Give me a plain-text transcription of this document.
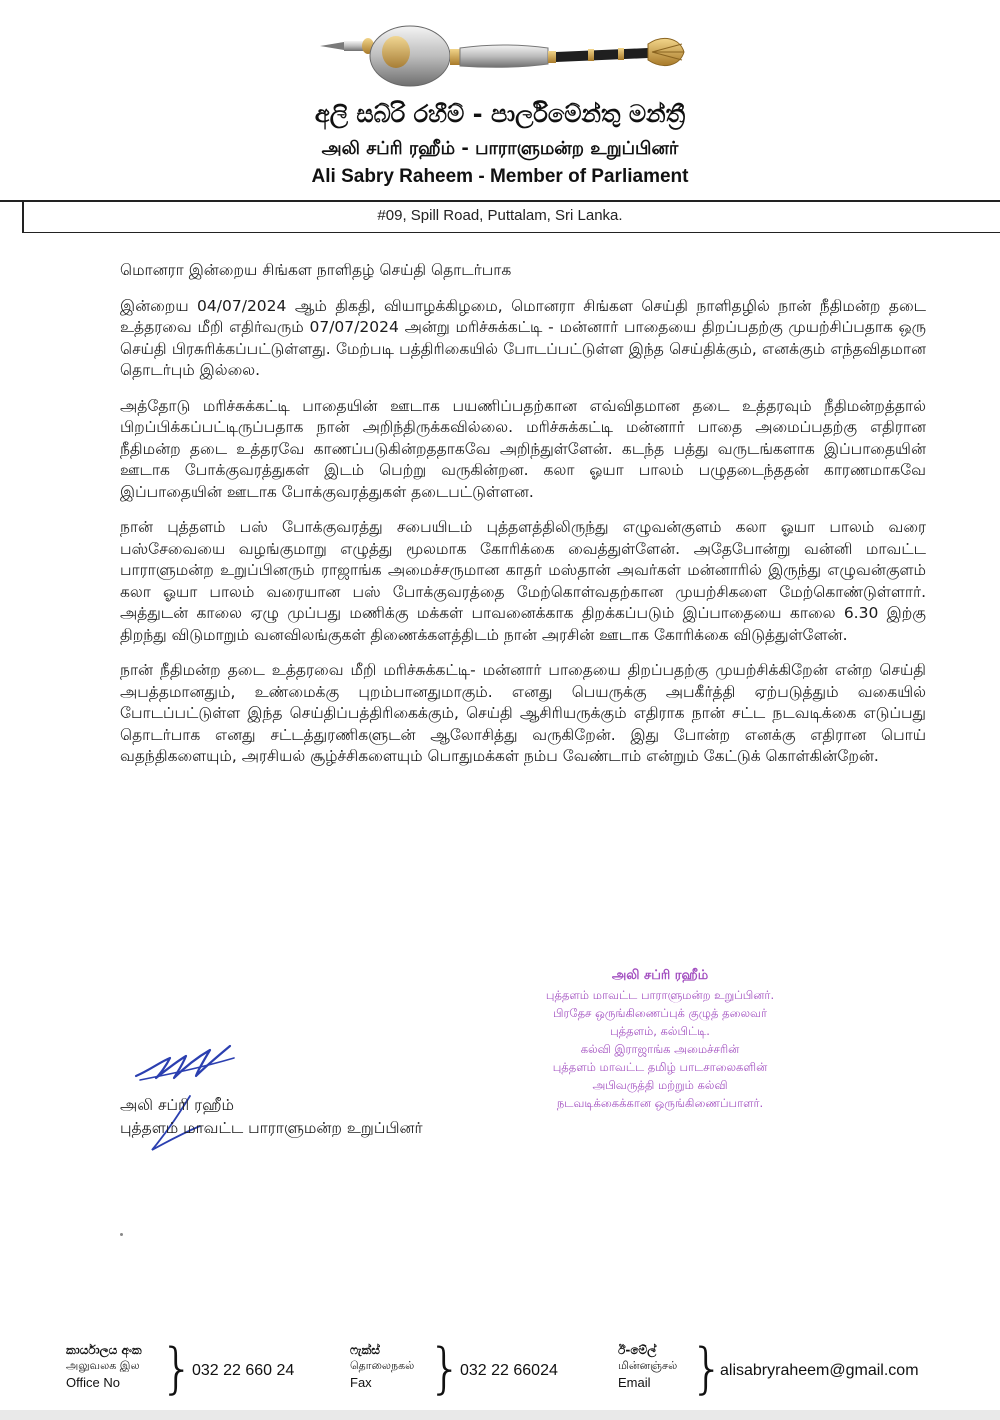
අලි සබ්රි රහීම් - පාර්ලිමේන්තු මන්ත්‍රී
அலி சப்ரி ரஹீம் - பாராளுமன்ற உறுப்பினர்
Ali Sabry Raheem - Member of Parliament
#09, Spill Road, Puttalam, Sri Lanka.
மொனரா இன்றைய சிங்கள நாளிதழ் செய்தி தொடர்பாக

இன்றைய 04/07/2024 ஆம் திகதி, வியாழக்கிழமை, மொனரா சிங்கள செய்தி நாளிதழில் நான் நீதிமன்ற தடை உத்தரவை மீறி எதிர்வரும் 07/07/2024 அன்று மரிச்சுக்கட்டி - மன்னார் பாதையை திறப்பதற்கு முயற்சிப்பதாக ஒரு செய்தி பிரசுரிக்கப்பட்டுள்ளது. மேற்படி பத்திரிகையில் போடப்பட்டுள்ள இந்த செய்திக்கும், எனக்கும் எந்தவிதமான தொடர்பும் இல்லை.

அத்தோடு மரிச்சுக்கட்டி பாதையின் ஊடாக பயணிப்பதற்கான எவ்விதமான தடை உத்தரவும் நீதிமன்றத்தால் பிறப்பிக்கப்பட்டிருப்பதாக நான் அறிந்திருக்கவில்லை. மரிச்சுக்கட்டி மன்னார் பாதை அமைப்பதற்கு எதிரான நீதிமன்ற தடை உத்தரவே காணப்படுகின்றததாகவே அறிந்துள்ளேன். கடந்த பத்து வருடங்களாக இப்பாதையின் ஊடாக போக்குவரத்துகள் இடம் பெற்று வருகின்றன. கலா ஓயா பாலம் பழுதடைந்ததன் காரணமாகவே இப்பாதையின் ஊடாக போக்குவரத்துகள் தடைபட்டுள்ளன.

நான் புத்தளம் பஸ் போக்குவரத்து சபையிடம் புத்தளத்திலிருந்து எழுவன்குளம் கலா ஓயா பாலம் வரை பஸ்சேவையை வழங்குமாறு எழுத்து மூலமாக கோரிக்கை வைத்துள்ளேன். அதேபோன்று வன்னி மாவட்ட பாராளுமன்ற உறுப்பினரும் ராஜாங்க அமைச்சருமான காதர் மஸ்தான் அவர்கள் மன்னாரில் இருந்து எழுவன்குளம் கலா ஓயா பாலம் வரையான பஸ் போக்குவரத்தை மேற்கொள்வதற்கான முயற்சிகளை மேற்கொண்டுள்ளார். அத்துடன் காலை ஏழு முப்பது மணிக்கு மக்கள் பாவனைக்காக திறக்கப்படும் இப்பாதையை காலை 6.30 இற்கு திறந்து விடுமாறும் வனவிலங்குகள் திணைக்களத்திடம் நான் அரசின் ஊடாக கோரிக்கை விடுத்துள்ளேன்.

நான் நீதிமன்ற தடை உத்தரவை மீறி மரிச்சுக்கட்டி- மன்னார் பாதையை திறப்பதற்கு முயற்சிக்கிறேன் என்ற செய்தி அபத்தமானதும், உண்மைக்கு புறம்பானதுமாகும். எனது பெயருக்கு அபகீர்த்தி ஏற்படுத்தும் வகையில் போடப்பட்டுள்ள இந்த செய்திப்பத்திரிகைக்கும், செய்தி ஆசிரியருக்கும் எதிராக நான் சட்ட நடவடிக்கை எடுப்பது தொடர்பாக எனது சட்டத்துரணிகளுடன் ஆலோசித்து வருகிறேன். இது போன்ற எனக்கு எதிரான பொய் வதந்திகளையும், அரசியல் சூழ்ச்சிகளையும் பொதுமக்கள் நம்ப வேண்டாம் என்றும் கேட்டுக் கொள்கின்றேன்.

அலி சப்ரி ரஹீம்
புத்தளம் மாவட்ட பாராளுமன்ற உறுப்பினர்.
பிரதேச ஒருங்கிணைப்புக் குழுத் தலைவர்
புத்தளம், கல்பிட்டி.
கல்வி இராஜாங்க அமைச்சரின்
புத்தளம் மாவட்ட தமிழ் பாடசாலைகளின்
அபிவருத்தி மற்றும் கல்வி
நடவடிக்கைக்கான ஒருங்கிணைப்பாளர்.
அலி சப்ரி ரஹீம்
புத்தளம் மாவட்ட பாராளுமன்ற உறுப்பினர்
කාර්යාලය අංක
அலுவலக இல
Office No }
032 22 660 24
ෆැක්ස්
தொலைநகல்
Fax	}
032 22 66024
ඊ-මේල්
மின்னஞ்சல்
Email }
alisabryraheem@gmail.com
